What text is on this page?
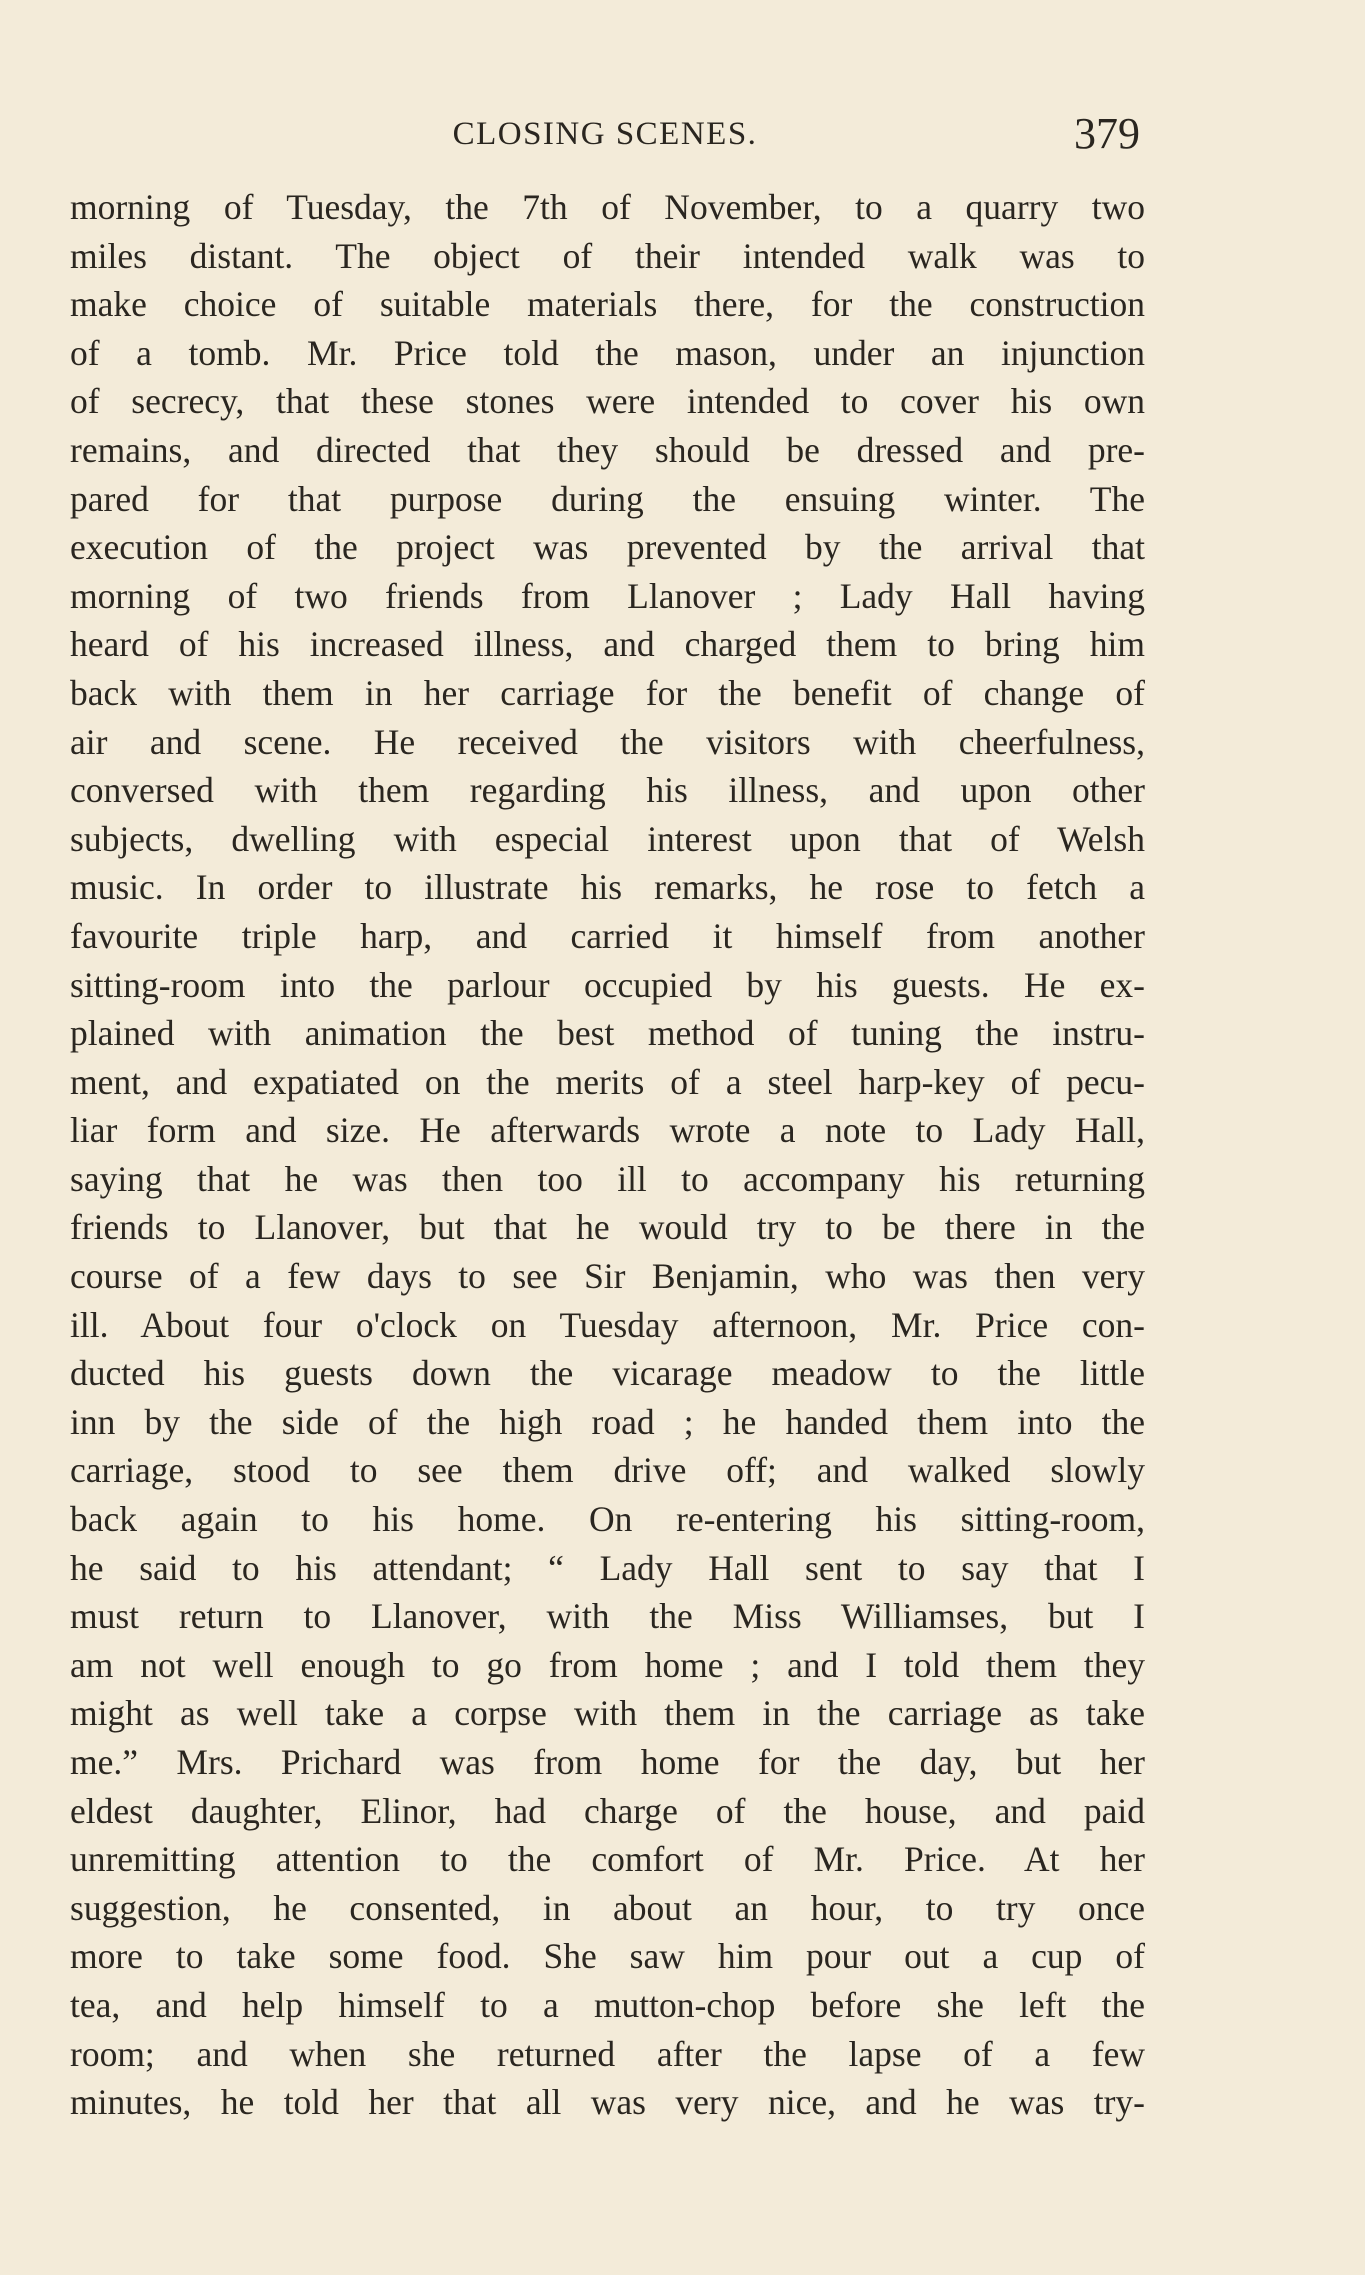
CLOSING SCENES.	379
morning of Tuesday, the 7th of November, to a quarry two
miles distant. The object of their intended walk was to
make choice of suitable materials there, for the construction
of a tomb. Mr. Price told the mason, under an injunction
of secrecy, that these stones were intended to cover his own
remains, and directed that they should be dressed and pre-
pared for that purpose during the ensuing winter. The
execution of the project was prevented by the arrival that
morning of two friends from Llanover ; Lady Hall having
heard of his increased illness, and charged them to bring him
back with them in her carriage for the benefit of change of
air and scene. He received the visitors with cheerfulness,
conversed with them regarding his illness, and upon other
subjects, dwelling with especial interest upon that of Welsh
music. In order to illustrate his remarks, he rose to fetch a
favourite triple harp, and carried it himself from another
sitting-room into the parlour occupied by his guests. He ex-
plained with animation the best method of tuning the instru-
ment, and expatiated on the merits of a steel harp-key of pecu-
liar form and size. He afterwards wrote a note to Lady Hall,
saying that he was then too ill to accompany his returning
friends to Llanover, but that he would try to be there in the
course of a few days to see Sir Benjamin, who was then very
ill. About four o'clock on Tuesday afternoon, Mr. Price con-
ducted his guests down the vicarage meadow to the little
inn by the side of the high road ; he handed them into the
carriage, stood to see them drive off; and walked slowly
back again to his home. On re-entering his sitting-room,
he said to his attendant; “ Lady Hall sent to say that I
must return to Llanover, with the Miss Williamses, but I
am not well enough to go from home ; and I told them they
might as well take a corpse with them in the carriage as take
me.” Mrs. Prichard was from home for the day, but her
eldest daughter, Elinor, had charge of the house, and paid
unremitting attention to the comfort of Mr. Price. At her
suggestion, he consented, in about an hour, to try once
more to take some food. She saw him pour out a cup of
tea, and help himself to a mutton-chop before she left the
room; and when she returned after the lapse of a few
minutes, he told her that all was very nice, and he was try-
